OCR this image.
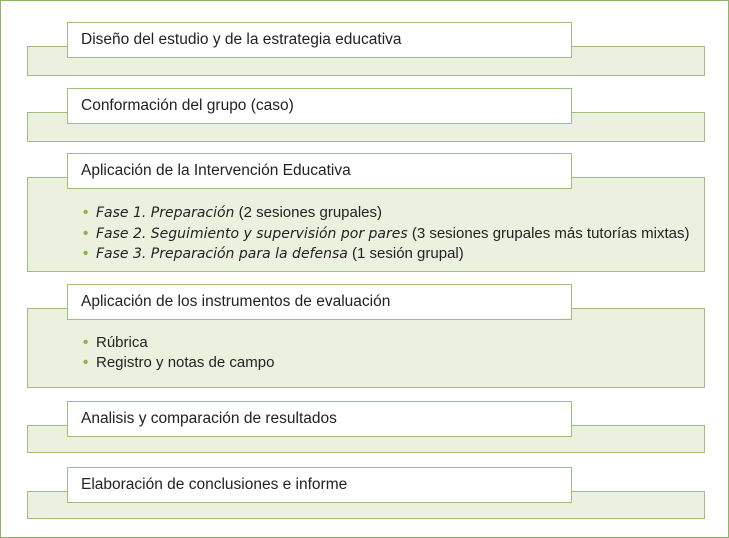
Diseño del estudio y de la estrategia educativa
Conformación del grupo (caso)
Aplicación de la Intervención Educativa
• Fase 1. Preparación (2 sesiones grupales)
• Fase 2. Seguimiento y supervisión por pares (3 sesiones grupales más tutorías mixtas)
• Fase 3. Preparación para la defensa (1 sesión grupal)
Aplicación de los instrumentos de evaluación
• Rúbrica
• Registro y notas de campo
Analisis y comparación de resultados
Elaboración de conclusiones e informe
